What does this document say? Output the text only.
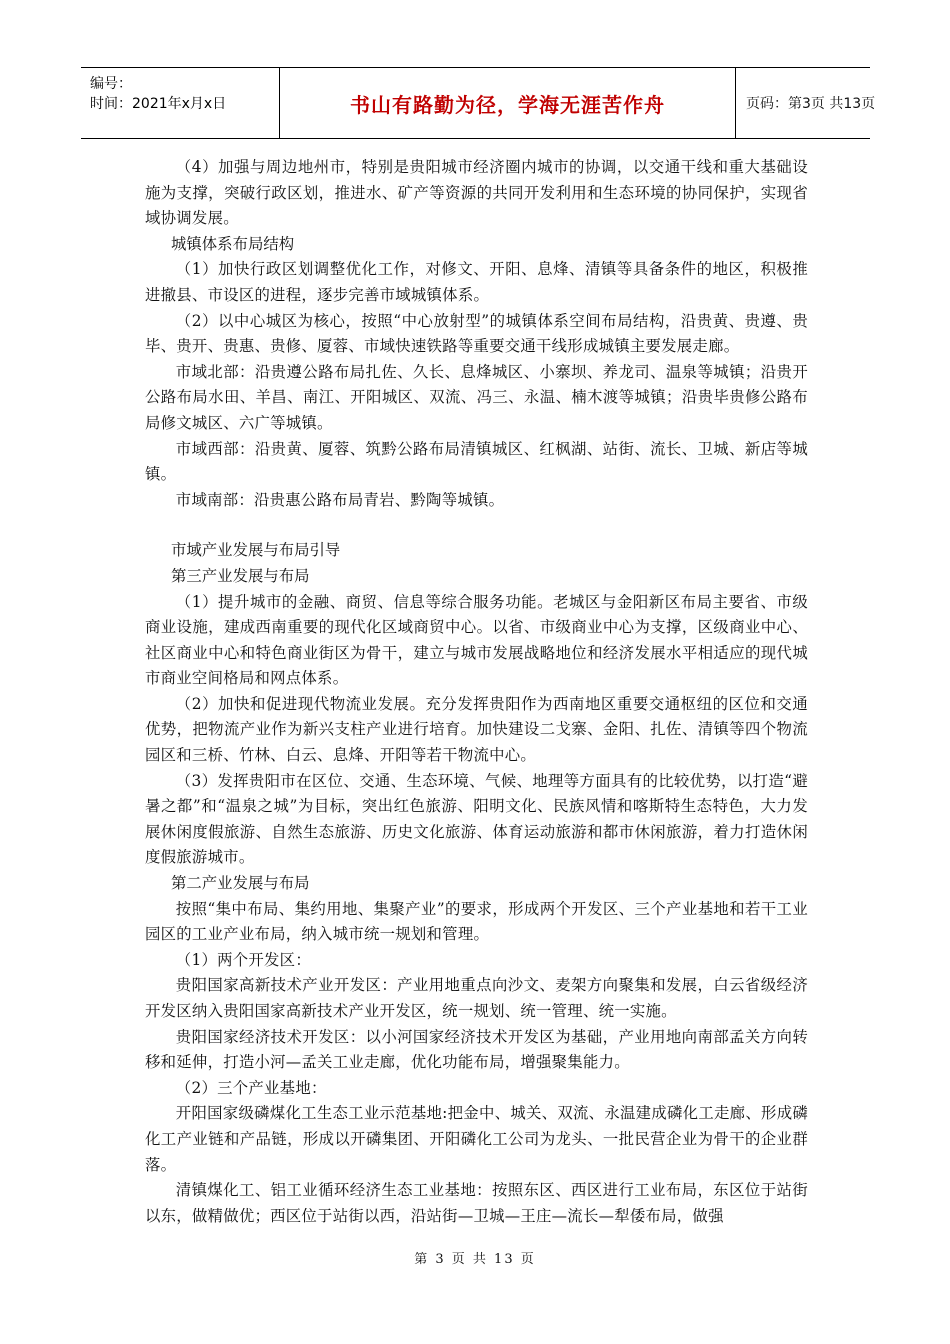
编号：
时间：2021年x月x日	书山有路勤为径，学海无涯苦作舟	页码：第3页 共13页

（4）加强与周边地州市，特别是贵阳城市经济圈内城市的协调，以交通干线和重大基础设施为支撑，突破行政区划，推进水、矿产等资源的共同开发利用和生态环境的协同保护，实现省域协调发展。

城镇体系布局结构

（1）加快行政区划调整优化工作，对修文、开阳、息烽、清镇等具备条件的地区，积极推进撤县、市设区的进程，逐步完善市域城镇体系。

（2）以中心城区为核心，按照“中心放射型”的城镇体系空间布局结构，沿贵黄、贵遵、贵毕、贵开、贵惠、贵修、厦蓉、市域快速铁路等重要交通干线形成城镇主要发展走廊。

市域北部：沿贵遵公路布局扎佐、久长、息烽城区、小寨坝、养龙司、温泉等城镇；沿贵开公路布局水田、羊昌、南江、开阳城区、双流、冯三、永温、楠木渡等城镇；沿贵毕贵修公路布局修文城区、六广等城镇。

市域西部：沿贵黄、厦蓉、筑黔公路布局清镇城区、红枫湖、站街、流长、卫城、新店等城镇。

市域南部：沿贵惠公路布局青岩、黔陶等城镇。

市域产业发展与布局引导

第三产业发展与布局

（1）提升城市的金融、商贸、信息等综合服务功能。老城区与金阳新区布局主要省、市级商业设施，建成西南重要的现代化区域商贸中心。以省、市级商业中心为支撑，区级商业中心、社区商业中心和特色商业街区为骨干，建立与城市发展战略地位和经济发展水平相适应的现代城市商业空间格局和网点体系。

（2）加快和促进现代物流业发展。充分发挥贵阳作为西南地区重要交通枢纽的区位和交通优势，把物流产业作为新兴支柱产业进行培育。加快建设二戈寨、金阳、扎佐、清镇等四个物流园区和三桥、竹林、白云、息烽、开阳等若干物流中心。

（3）发挥贵阳市在区位、交通、生态环境、气候、地理等方面具有的比较优势，以打造“避暑之都”和“温泉之城”为目标，突出红色旅游、阳明文化、民族风情和喀斯特生态特色，大力发展休闲度假旅游、自然生态旅游、历史文化旅游、体育运动旅游和都市休闲旅游，着力打造休闲度假旅游城市。

第二产业发展与布局

按照“集中布局、集约用地、集聚产业”的要求，形成两个开发区、三个产业基地和若干工业园区的工业产业布局，纳入城市统一规划和管理。

（1）两个开发区：

贵阳国家高新技术产业开发区：产业用地重点向沙文、麦架方向聚集和发展，白云省级经济开发区纳入贵阳国家高新技术产业开发区，统一规划、统一管理、统一实施。

贵阳国家经济技术开发区：以小河国家经济技术开发区为基础，产业用地向南部孟关方向转移和延伸，打造小河—孟关工业走廊，优化功能布局，增强聚集能力。

（2）三个产业基地：

开阳国家级磷煤化工生态工业示范基地:把金中、城关、双流、永温建成磷化工走廊、形成磷化工产业链和产品链，形成以开磷集团、开阳磷化工公司为龙头、一批民营企业为骨干的企业群落。

清镇煤化工、铝工业循环经济生态工业基地：按照东区、西区进行工业布局，东区位于站街以东，做精做优；西区位于站街以西，沿站街—卫城—王庄—流长—犁倭布局，做强

第 3 页 共 13 页
